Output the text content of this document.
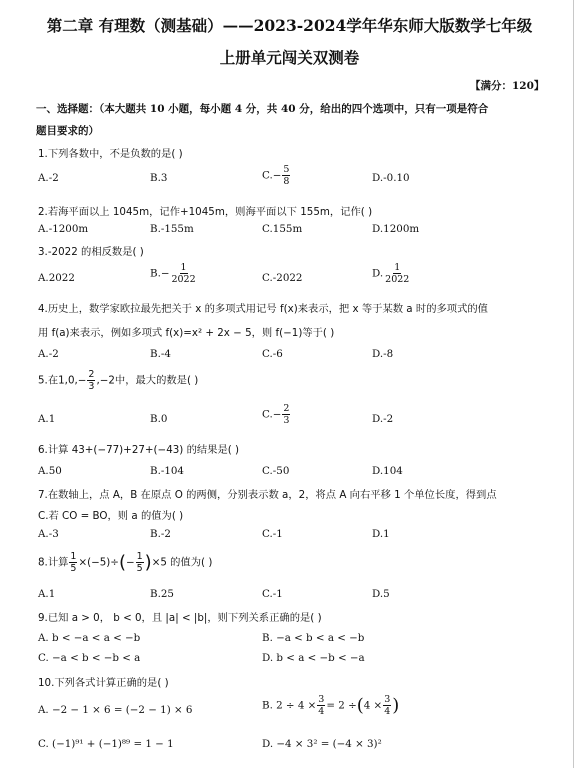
第二章 有理数（测基础）——2023-2024学年华东师大版数学七年级
上册单元闯关双测卷
【满分：120】
一、选择题：（本大题共 10 小题，每小题 4 分，共 40 分，给出的四个选项中，只有一项是符合
题目要求的）
1.下列各数中，不是负数的是( )
A.-2	B.3	$C.- \frac{5}{8}$	D.-0.10
2.若海平面以上 1045m，记作+1045m，则海平面以下 155m，记作( )
A.-1200m	B.-155m	C.155m	D.1200m
3.-2022 的相反数是( )
A.2022	$B.- \frac{1}{2022}$	C.-2022	D. $\frac{1}{2022}$
4.历史上，数学家欧拉最先把关于 x 的多项式用记号 f(x)来表示，把 x 等于某数 a 时的多项式的值
用 f(a)来表示，例如多项式 f(x)=x² + 2x − 5，则 f(−1)等于( )
A.-2	B.-4	C.-6	D.-8
5.在$1,0,- \frac{2}{3} ,-2$中，最大的数是( )
A.1	B.0	$C.- \frac{2}{3}$	D.-2
6.计算 43+(−77)+27+(−43) 的结果是( )
A.50	B.-104	C.-50	D.104
7.在数轴上，点 A，B 在原点 O 的两侧，分别表示数 a，2，将点 A 向右平移 1 个单位长度，得到点
C.若 CO = BO，则 a 的值为( )
A.-3	B.-2	C.-1	D.1
8.计算 $\frac{1}{5} \times(-5)\div(- \frac{1}{5} )\times 5$ 的值为( )
A.1	B.25	C.-1	D.5
9.已知 a > 0， b < 0，且 |a| < |b|，则下列关系正确的是( )
A. b < −a < a < −b	B. −a < b < a < −b
C. −a < b < −b < a	D. b < a < −b < −a
10.下列各式计算正确的是( )
A. −2 − 1 × 6 = (−2 − 1) × 6	B. $2 \div 4 \times \frac{3}{4} = 2 \div(4 \times \frac{3}{4}$ )
C. (−1)⁹¹ + (−1)⁸⁹ = 1 − 1	D. −4 × 3² = (−4 × 3)²
